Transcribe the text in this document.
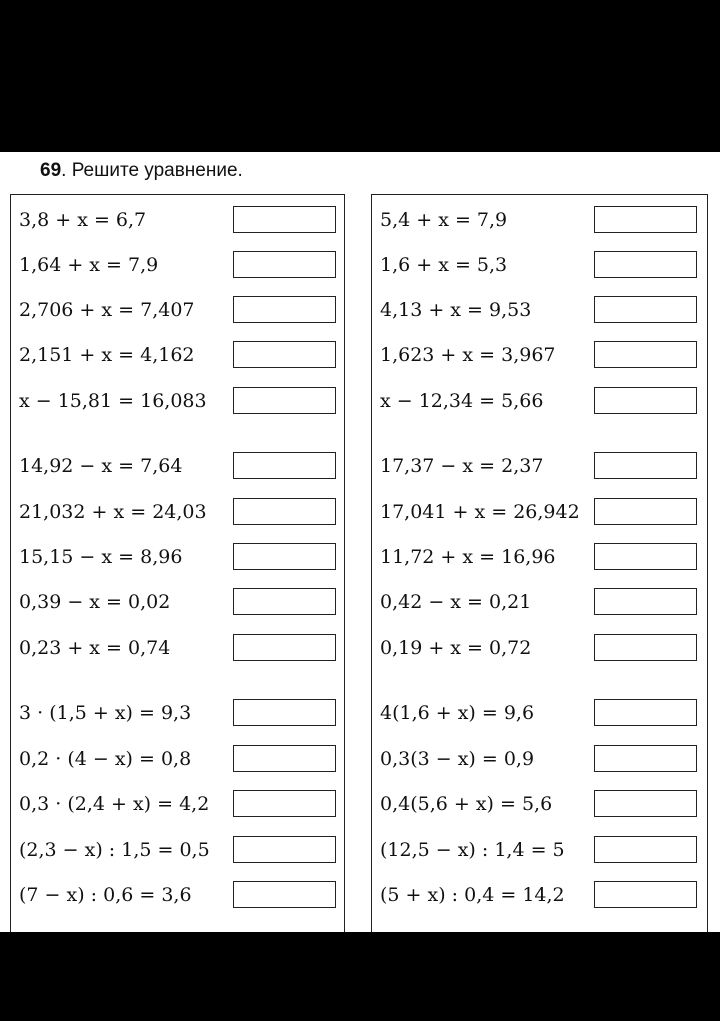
69. Решите уравнение.
3,8 + x = 6,7
1,64 + x = 7,9
2,706 + x = 7,407
2,151 + x = 4,162
x − 15,81 = 16,083
14,92 − x = 7,64
21,032 + x = 24,03
15,15 − x = 8,96
0,39 − x = 0,02
0,23 + x = 0,74
3 · (1,5 + x) = 9,3
0,2 · (4 − x) = 0,8
0,3 · (2,4 + x) = 4,2
(2,3 − x) : 1,5 = 0,5
(7 − x) : 0,6 = 3,6
5,4 + x = 7,9
1,6 + x = 5,3
4,13 + x = 9,53
1,623 + x = 3,967
x − 12,34 = 5,66
17,37 − x = 2,37
17,041 + x = 26,942
11,72 + x = 16,96
0,42 − x = 0,21
0,19 + x = 0,72
4(1,6 + x) = 9,6
0,3(3 − x) = 0,9
0,4(5,6 + x) = 5,6
(12,5 − x) : 1,4 = 5
(5 + x) : 0,4 = 14,2
